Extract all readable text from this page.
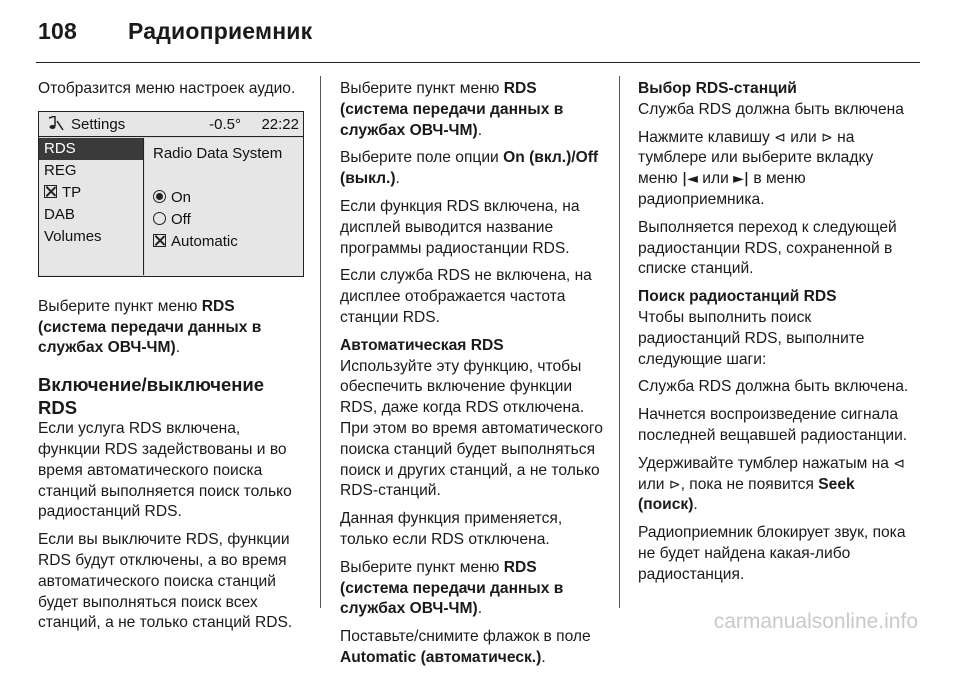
108 Радиоприемник

Отобразится меню настроек аудио.

Settings	-0.5° 22:22
RDS
REG
TP
DAB
Volumes
Radio Data System
On
Off
Automatic

Выберите пункт меню RDS (система передачи данных в службах ОВЧ-ЧМ).

Включение/выключение RDS

Если услуга RDS включена, функции RDS задействованы и во время автоматического поиска станций выполняется поиск только радиостанций RDS.

Если вы выключите RDS, функции RDS будут отключены, а во время автоматического поиска станций будет выполняться поиск всех станций, а не только станций RDS.

Выберите пункт меню RDS (система передачи данных в службах ОВЧ-ЧМ).

Выберите поле опции On (вкл.)/Off (выкл.).

Если функция RDS включена, на дисплей выводится название программы радиостанции RDS.

Если служба RDS не включена, на дисплее отображается частота станции RDS.

Автоматическая RDS

Используйте эту функцию, чтобы обеспечить включение функции RDS, даже когда RDS отключена. При этом во время автоматического поиска станций будет выполняться поиск и других станций, а не только RDS-станций.

Данная функция применяется, только если RDS отключена.

Выберите пункт меню RDS (система передачи данных в службах ОВЧ-ЧМ).

Поставьте/снимите флажок в поле Automatic (автоматическ.).

Выбор RDS-станций

Служба RDS должна быть включена

Нажмите клавишу ⊲ или ⊳ на тумблере или выберите вкладку меню |◄ или ►| в меню радиоприемника.

Выполняется переход к следующей радиостанции RDS, сохраненной в списке станций.

Поиск радиостанций RDS

Чтобы выполнить поиск радиостанций RDS, выполните следующие шаги:

Служба RDS должна быть включена.

Начнется воспроизведение сигнала последней вещавшей радиостанции.

Удерживайте тумблер нажатым на ⊲ или ⊳, пока не появится Seek (поиск).

Радиоприемник блокирует звук, пока не будет найдена какая-либо радиостанция.

carmanualsonline.info
